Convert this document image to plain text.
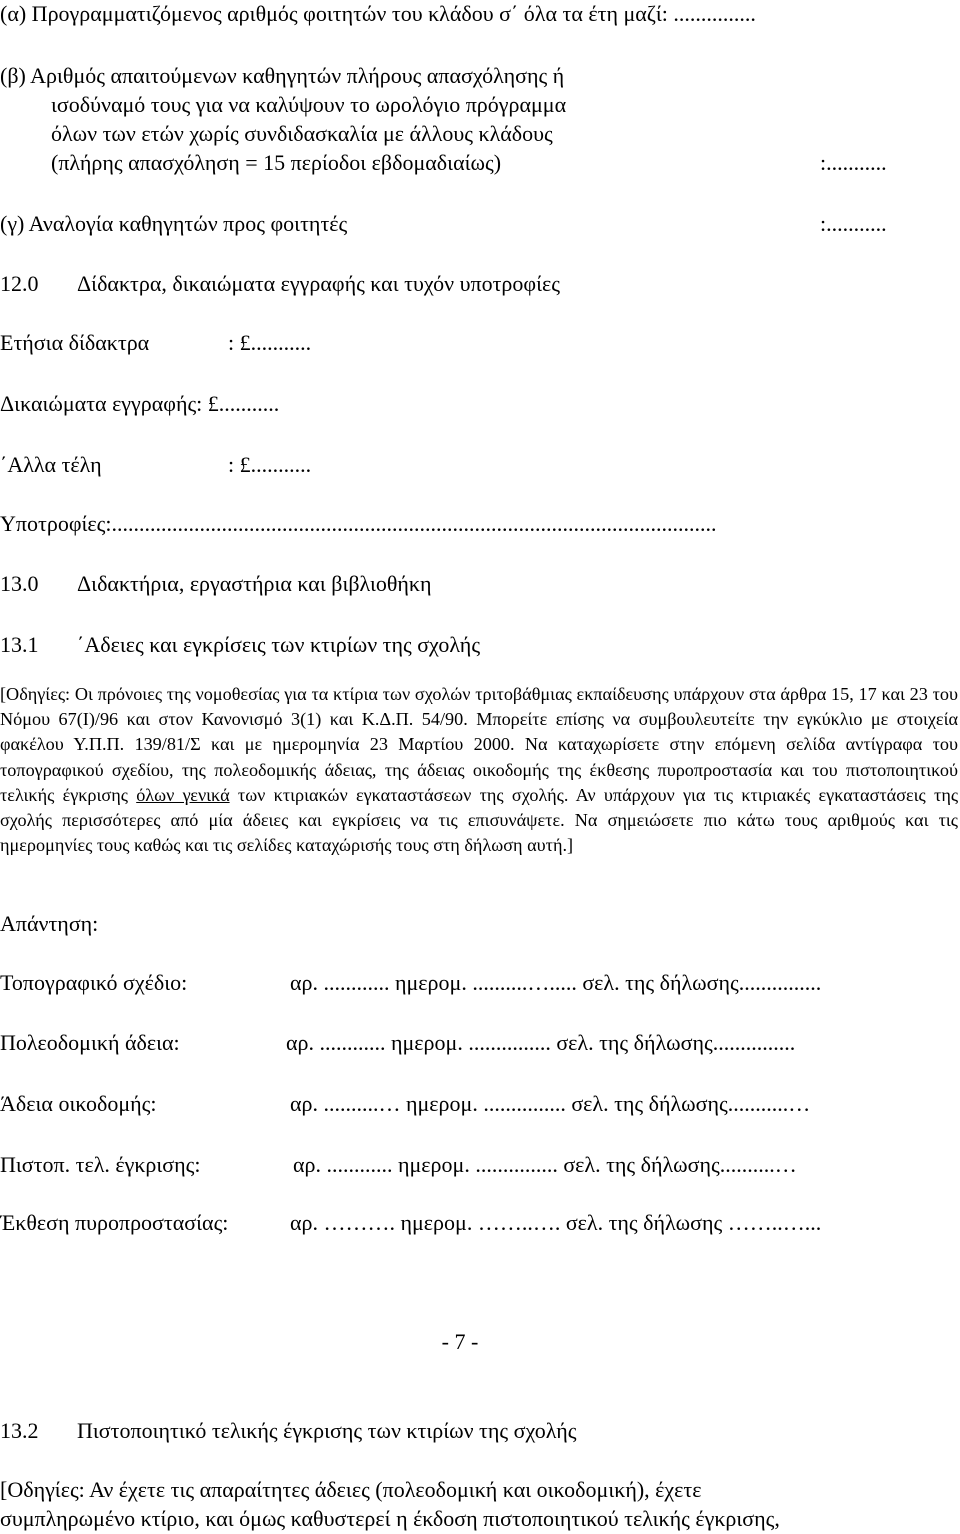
(α) Προγραμματιζόμενος αριθμός φοιτητών του κλάδου σ΄ όλα τα έτη μαζί: ...............
(β) Αριθμός απαιτούμενων καθηγητών πλήρους απασχόλησης ή
ισοδύναμό τους για να καλύψουν το ωρολόγιο πρόγραμμα
όλων των ετών χωρίς συνδιδασκαλία με άλλους κλάδους
(πλήρης απασχόληση = 15 περίοδοι εβδομαδιαίως)	:...........
(γ) Αναλογία καθηγητών προς φοιτητές	:...........
12.0 Δίδακτρα, δικαιώματα εγγραφής και τυχόν υποτροφίες
Ετήσια δίδακτρα	: £...........
Δικαιώματα εγγραφής: £...........
΄Αλλα τέλη	: £...........
Υποτροφίες:..............................................................................................................
13.0 Διδακτήρια, εργαστήρια και βιβλιοθήκη
13.1 ΄Αδειες και εγκρίσεις των κτιρίων της σχολής
[Οδηγίες: Οι πρόνοιες της νομοθεσίας για τα κτίρια των σχολών τριτοβάθμιας εκπαίδευσης υπάρχουν στα άρθρα 15, 17 και 23 του Νόμου 67(Ι)/96 και στον Κανονισμό 3(1) και Κ.Δ.Π. 54/90. Μπορείτε επίσης να συμβουλευτείτε την εγκύκλιο με στοιχεία φακέλου Υ.Π.Π. 139/81/Σ και με ημερομηνία 23 Μαρτίου 2000. Να καταχωρίσετε στην επόμενη σελίδα αντίγραφα του τοπογραφικού σχεδίου, της πολεοδομικής άδειας, της άδειας οικοδομής της έκθεσης πυροπροστασία και του πιστοποιητικού τελικής έγκρισης όλων γενικά των κτιριακών εγκαταστάσεων της σχολής. Αν υπάρχουν για τις κτιριακές εγκαταστάσεις της σχολής περισσότερες από μία άδειες και εγκρίσεις να τις επισυνάψετε. Να σημειώσετε πιο κάτω τους αριθμούς και τις ημερομηνίες τους καθώς και τις σελίδες καταχώρισής τους στη δήλωση αυτή.]
Απάντηση:
Τοπογραφικό σχέδιο:	αρ. ............ ημερομ. ..........…..... σελ. της δήλωσης...............
Πολεοδομική άδεια:	αρ. ............ ημερομ. ............... σελ. της δήλωσης...............
Άδεια οικοδομής:	αρ. ..........… ημερομ. ............... σελ. της δήλωσης...........…
Πιστοπ. τελ. έγκρισης:	αρ. ............ ημερομ. ............... σελ. της δήλωσης..........…
Έκθεση πυροπροστασίας:	αρ. ………. ημερομ. ……..…. σελ. της δήλωσης ……..…...
- 7 -
13.2 Πιστοποιητικό τελικής έγκρισης των κτιρίων της σχολής
[Οδηγίες: Αν έχετε τις απαραίτητες άδειες (πολεοδομική και οικοδομική), έχετε
συμπληρωμένο κτίριο, και όμως καθυστερεί η έκδοση πιστοποιητικού τελικής έγκρισης,
